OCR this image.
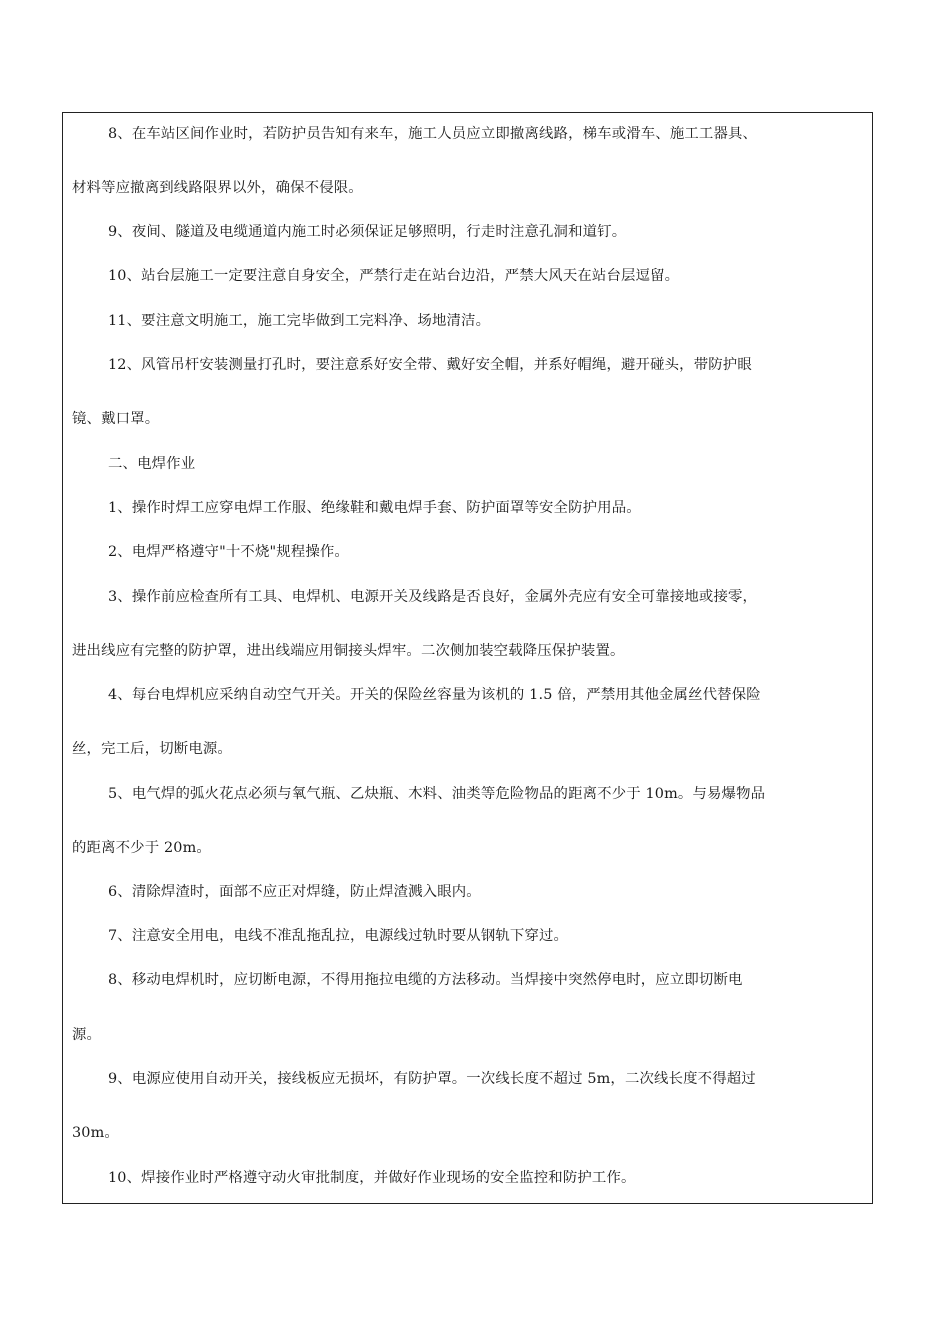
8、在车站区间作业时，若防护员告知有来车，施工人员应立即撤离线路，梯车或滑车、施工工器具、
材料等应撤离到线路限界以外，确保不侵限。
9、夜间、隧道及电缆通道内施工时必须保证足够照明，行走时注意孔洞和道钉。
10、站台层施工一定要注意自身安全，严禁行走在站台边沿，严禁大风天在站台层逗留。
11、要注意文明施工，施工完毕做到工完料净、场地清洁。
12、风管吊杆安装测量打孔时，要注意系好安全带、戴好安全帽，并系好帽绳，避开碰头，带防护眼
镜、戴口罩。
二、电焊作业
1、操作时焊工应穿电焊工作服、绝缘鞋和戴电焊手套、防护面罩等安全防护用品。
2、电焊严格遵守"十不烧"规程操作。
3、操作前应检查所有工具、电焊机、电源开关及线路是否良好，金属外壳应有安全可靠接地或接零，
进出线应有完整的防护罩，进出线端应用铜接头焊牢。二次侧加装空载降压保护装置。
4、每台电焊机应采纳自动空气开关。开关的保险丝容量为该机的 1.5 倍，严禁用其他金属丝代替保险
丝，完工后，切断电源。
5、电气焊的弧火花点必须与氧气瓶、乙炔瓶、木料、油类等危险物品的距离不少于 10m。与易爆物品
的距离不少于 20m。
6、清除焊渣时，面部不应正对焊缝，防止焊渣溅入眼内。
7、注意安全用电，电线不准乱拖乱拉，电源线过轨时要从钢轨下穿过。
8、移动电焊机时，应切断电源，不得用拖拉电缆的方法移动。当焊接中突然停电时，应立即切断电
源。
9、电源应使用自动开关，接线板应无损坏，有防护罩。一次线长度不超过 5m，二次线长度不得超过
30m。
10、焊接作业时严格遵守动火审批制度，并做好作业现场的安全监控和防护工作。
